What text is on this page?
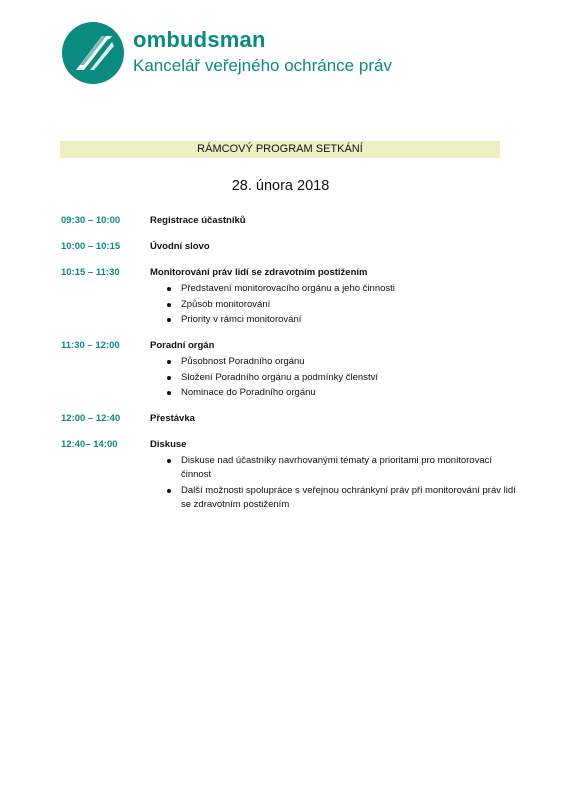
ombudsman
Kancelář veřejného ochránce práv
RÁMCOVÝ PROGRAM SETKÁNÍ
28. února 2018
09:30 – 10:00	Registrace účastníků
10:00 – 10:15	Úvodní slovo
10:15 – 11:30	Monitorování práv lidí se zdravotním postižením
Představení monitorovacího orgánu a jeho činnosti
Způsob monitorování
Priority v rámci monitorování
11:30 – 12:00	Poradní orgán
Působnost Poradního orgánu
Složení Poradního orgánu a podmínky členství
Nominace do Poradního orgánu
12:00 – 12:40	Přestávka
12:40– 14:00	Diskuse
Diskuse nad účastníky navrhovanými tématy a prioritami pro monitorovací činnost
Další možnosti spolupráce s veřejnou ochránkyní práv při monitorování práv lidí se zdravotním postižením
